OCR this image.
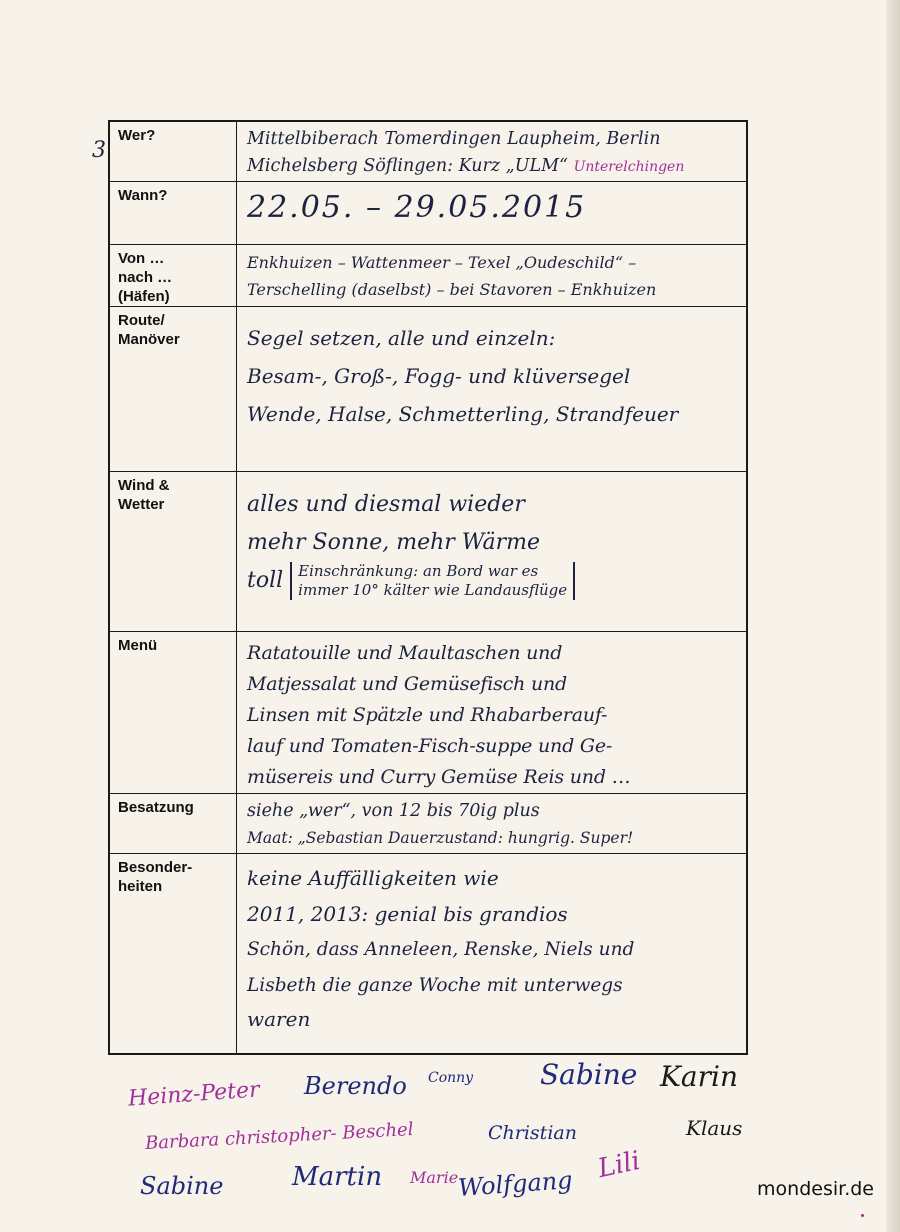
3
Wer?	Mittelbiberach Tomerdingen Laupheim, Berlin
Michelsberg Söflingen: Kurz „ULM“ Unterelchingen

Wann?	22.05. – 29.05.2015

Von …
nach …
(Häfen)	Enkhuizen – Wattenmeer – Texel „Oudeschild“ –
Terschelling (daselbst) – bei Stavoren – Enkhuizen

Route/
Manöver	Segel setzen, alle und einzeln:
Besam-, Groß-, Fogg- und klüversegel
Wende, Halse, Schmetterling, Strandfeuer

Wind &
Wetter	alles und diesmal wieder
mehr Sonne, mehr Wärme
toll Einschränkung: an Bord war es
immer 10° kälter wie Landausflüge

Menü	Ratatouille und Maultaschen und
Matjessalat und Gemüsefisch und
Linsen mit Spätzle und Rhabarberauf-
lauf und Tomaten-Fisch-suppe und Ge-
müsereis und Curry Gemüse Reis und …

Besatzung	siehe „wer“, von 12 bis 70ig plus
Maat: „Sebastian Dauerzustand: hungrig. Super!

Besonder-
heiten	keine Auffälligkeiten wie
2011, 2013: genial bis grandios
Schön, dass Anneleen, Renske, Niels und
Lisbeth die ganze Woche mit unterwegs
waren
Heinz-Peter Berendo Conny Sabine Karin
Barbara christopher- Beschel	Christian	Klaus
Sabine	Martin Marie Wolfgang Lili
mondesir.de
